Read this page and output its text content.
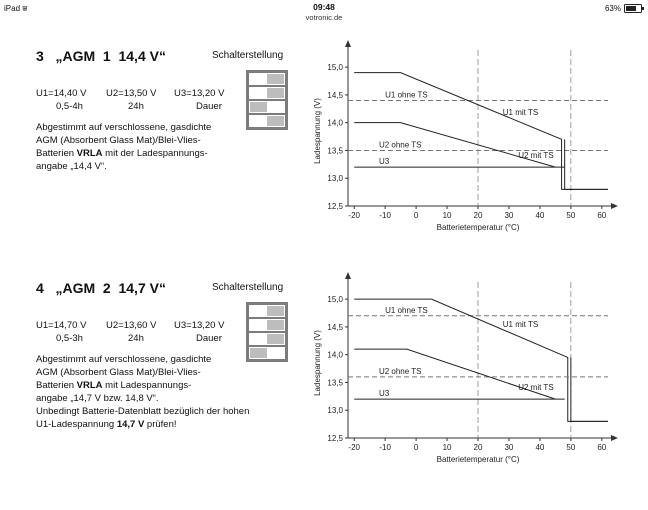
iPad ⩐	09:48
votronic.de
63%
3 „AGM  1  14,4 V“	Schalterstellung
U1=14,40 V U2=13,50 V U3=13,20 V
0,5-4h	24h	Dauer
Abgestimmt auf verschlossene, gasdichte
AGM (Absorbent Glass Mat)/Blei-Vlies-
Batterien VRLA mit der Ladespannungs-
angabe „14,4 V“.
-20 -10	0	10	20	30	40	50	60
12,5
13,0
13,5
14,0
14,5
15,0
Batterietemperatur (°C)
Ladespannung (V)
U1 ohne TS
U1 mit TS
U2 ohne TS
U2 mit TS
U3
4 „AGM  2  14,7 V“	Schalterstellung
U1=14,70 V U2=13,60 V U3=13,20 V
0,5-3h	24h	Dauer
Abgestimmt auf verschlossene, gasdichte
AGM (Absorbent Glass Mat)/Blei-Vlies-
Batterien VRLA mit Ladespannungs-
angabe „14,7 V bzw. 14,8 V“.
Unbedingt Batterie-Datenblatt bezüglich der hohen
U1-Ladespannung 14,7 V prüfen!
-20 -10	0	10	20	30	40	50	60
12,5
13,0
13,5
14,0
14,5
15,0
Batterietemperatur (°C)
Ladespannung (V)
U1 ohne TS
U1 mit TS
U2 ohne TS
U2 mit TS
U3
